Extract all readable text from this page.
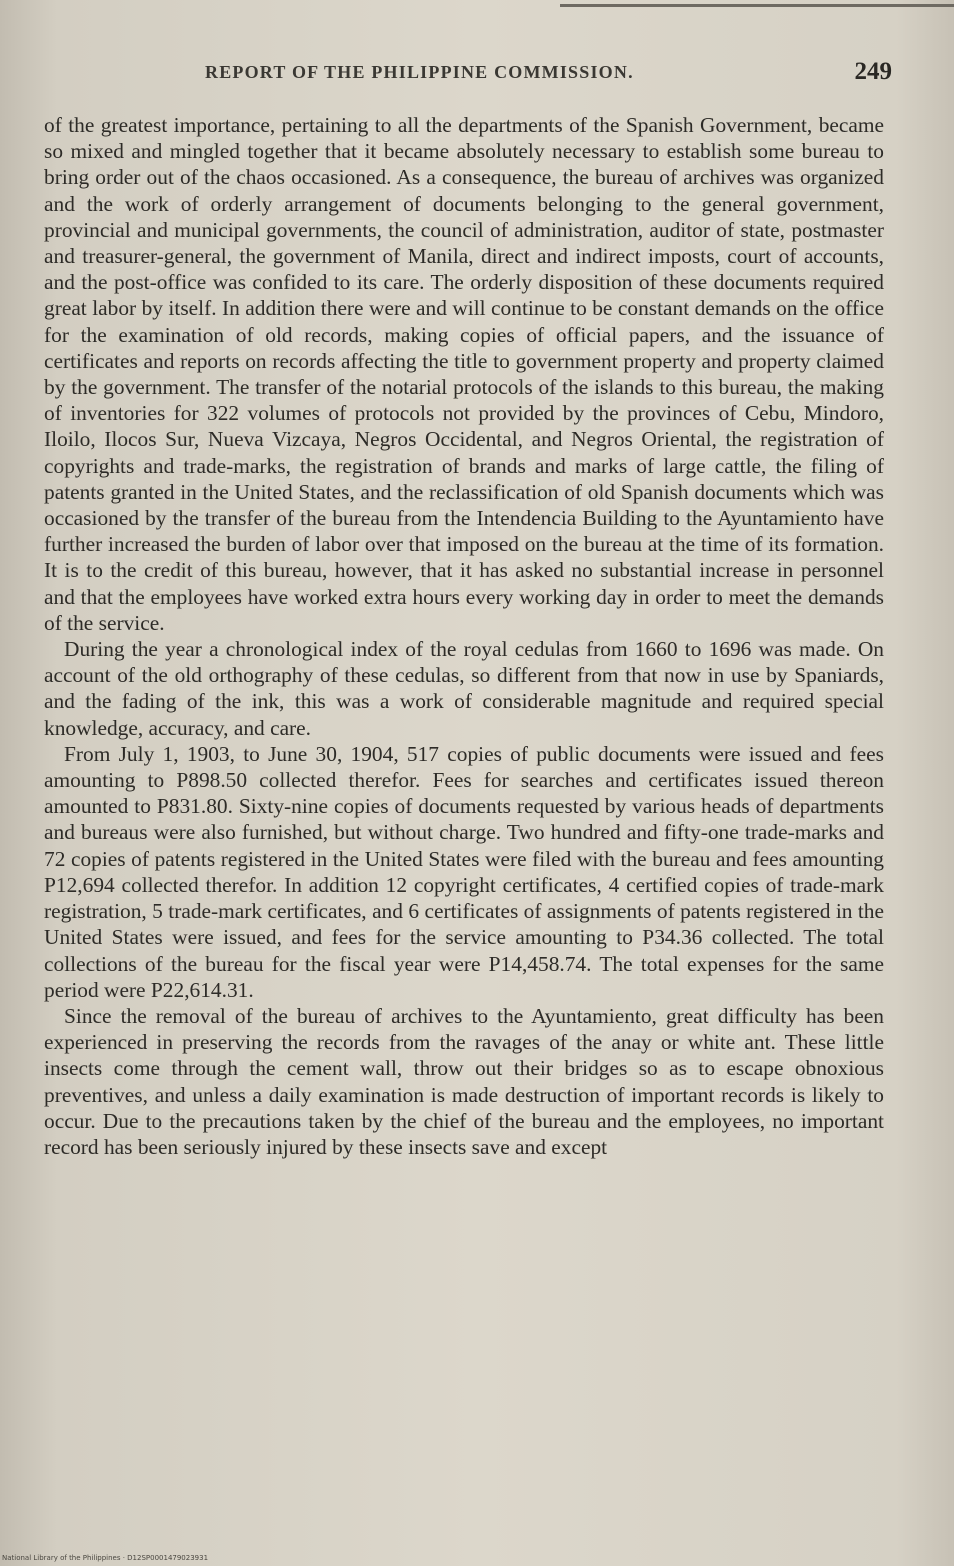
REPORT OF THE PHILIPPINE COMMISSION.	249

of the greatest importance, pertaining to all the departments of the Spanish Government, became so mixed and mingled together that it became absolutely necessary to establish some bureau to bring order out of the chaos occasioned. As a consequence, the bureau of archives was organized and the work of orderly arrangement of documents belonging to the general government, provincial and municipal governments, the council of administration, auditor of state, postmaster and treasurer-general, the government of Manila, direct and indirect imposts, court of accounts, and the post-office was confided to its care. The orderly disposition of these documents required great labor by itself. In addition there were and will continue to be constant demands on the office for the examination of old records, making copies of official papers, and the issuance of certificates and reports on records affecting the title to government property and property claimed by the government. The transfer of the notarial protocols of the islands to this bureau, the making of inventories for 322 volumes of protocols not provided by the provinces of Cebu, Mindoro, Iloilo, Ilocos Sur, Nueva Vizcaya, Negros Occidental, and Negros Oriental, the registration of copyrights and trade-marks, the registration of brands and marks of large cattle, the filing of patents granted in the United States, and the reclassification of old Spanish documents which was occasioned by the transfer of the bureau from the Intendencia Building to the Ayuntamiento have further increased the burden of labor over that imposed on the bureau at the time of its formation. It is to the credit of this bureau, however, that it has asked no substantial increase in personnel and that the employees have worked extra hours every working day in order to meet the demands of the service.

During the year a chronological index of the royal cedulas from 1660 to 1696 was made. On account of the old orthography of these cedulas, so different from that now in use by Spaniards, and the fading of the ink, this was a work of considerable magnitude and required special knowledge, accuracy, and care.

From July 1, 1903, to June 30, 1904, 517 copies of public documents were issued and fees amounting to P898.50 collected therefor. Fees for searches and certificates issued thereon amounted to P831.80. Sixty-nine copies of documents requested by various heads of departments and bureaus were also furnished, but without charge. Two hundred and fifty-one trade-marks and 72 copies of patents registered in the United States were filed with the bureau and fees amounting P12,694 collected therefor. In addition 12 copyright certificates, 4 certified copies of trade-mark registration, 5 trade-mark certificates, and 6 certificates of assignments of patents registered in the United States were issued, and fees for the service amounting to P34.36 collected. The total collections of the bureau for the fiscal year were P14,458.74. The total expenses for the same period were P22,614.31.

Since the removal of the bureau of archives to the Ayuntamiento, great difficulty has been experienced in preserving the records from the ravages of the anay or white ant. These little insects come through the cement wall, throw out their bridges so as to escape obnoxious preventives, and unless a daily examination is made destruction of important records is likely to occur. Due to the precautions taken by the chief of the bureau and the employees, no important record has been seriously injured by these insects save and except

National Library of the Philippines · D12SP0001479023931
